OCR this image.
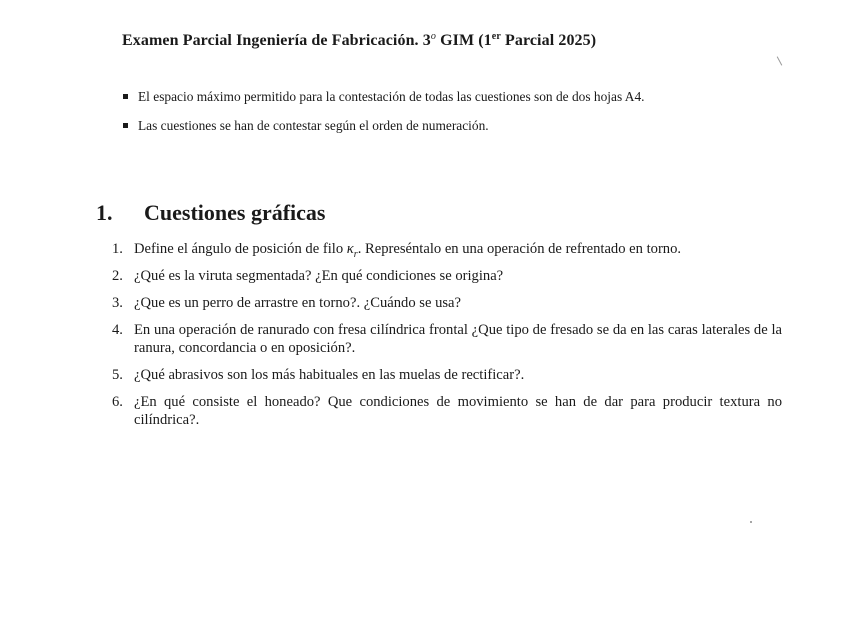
Examen Parcial Ingeniería de Fabricación. 3$^o$ GIM (1er Parcial 2025)
El espacio máximo permitido para la contestación de todas las cuestiones son de dos hojas A4.
Las cuestiones se han de contestar según el orden de numeración.
1. Cuestiones gráficas
1. Define el ángulo de posición de filo $\kappa_r$. Represéntalo en una operación de refrentado en torno.
2. ¿Qué es la viruta segmentada? ¿En qué condiciones se origina?
3. ¿Que es un perro de arrastre en torno?. ¿Cuándo se usa?
4. En una operación de ranurado con fresa cilíndrica frontal ¿Que tipo de fresado se da en las caras laterales de la ranura, concordancia o en oposición?.
5. ¿Qué abrasivos son los más habituales en las muelas de rectificar?.
6. ¿En qué consiste el honeado? Que condiciones de movimiento se han de dar para producir textura no cilíndrica?.
